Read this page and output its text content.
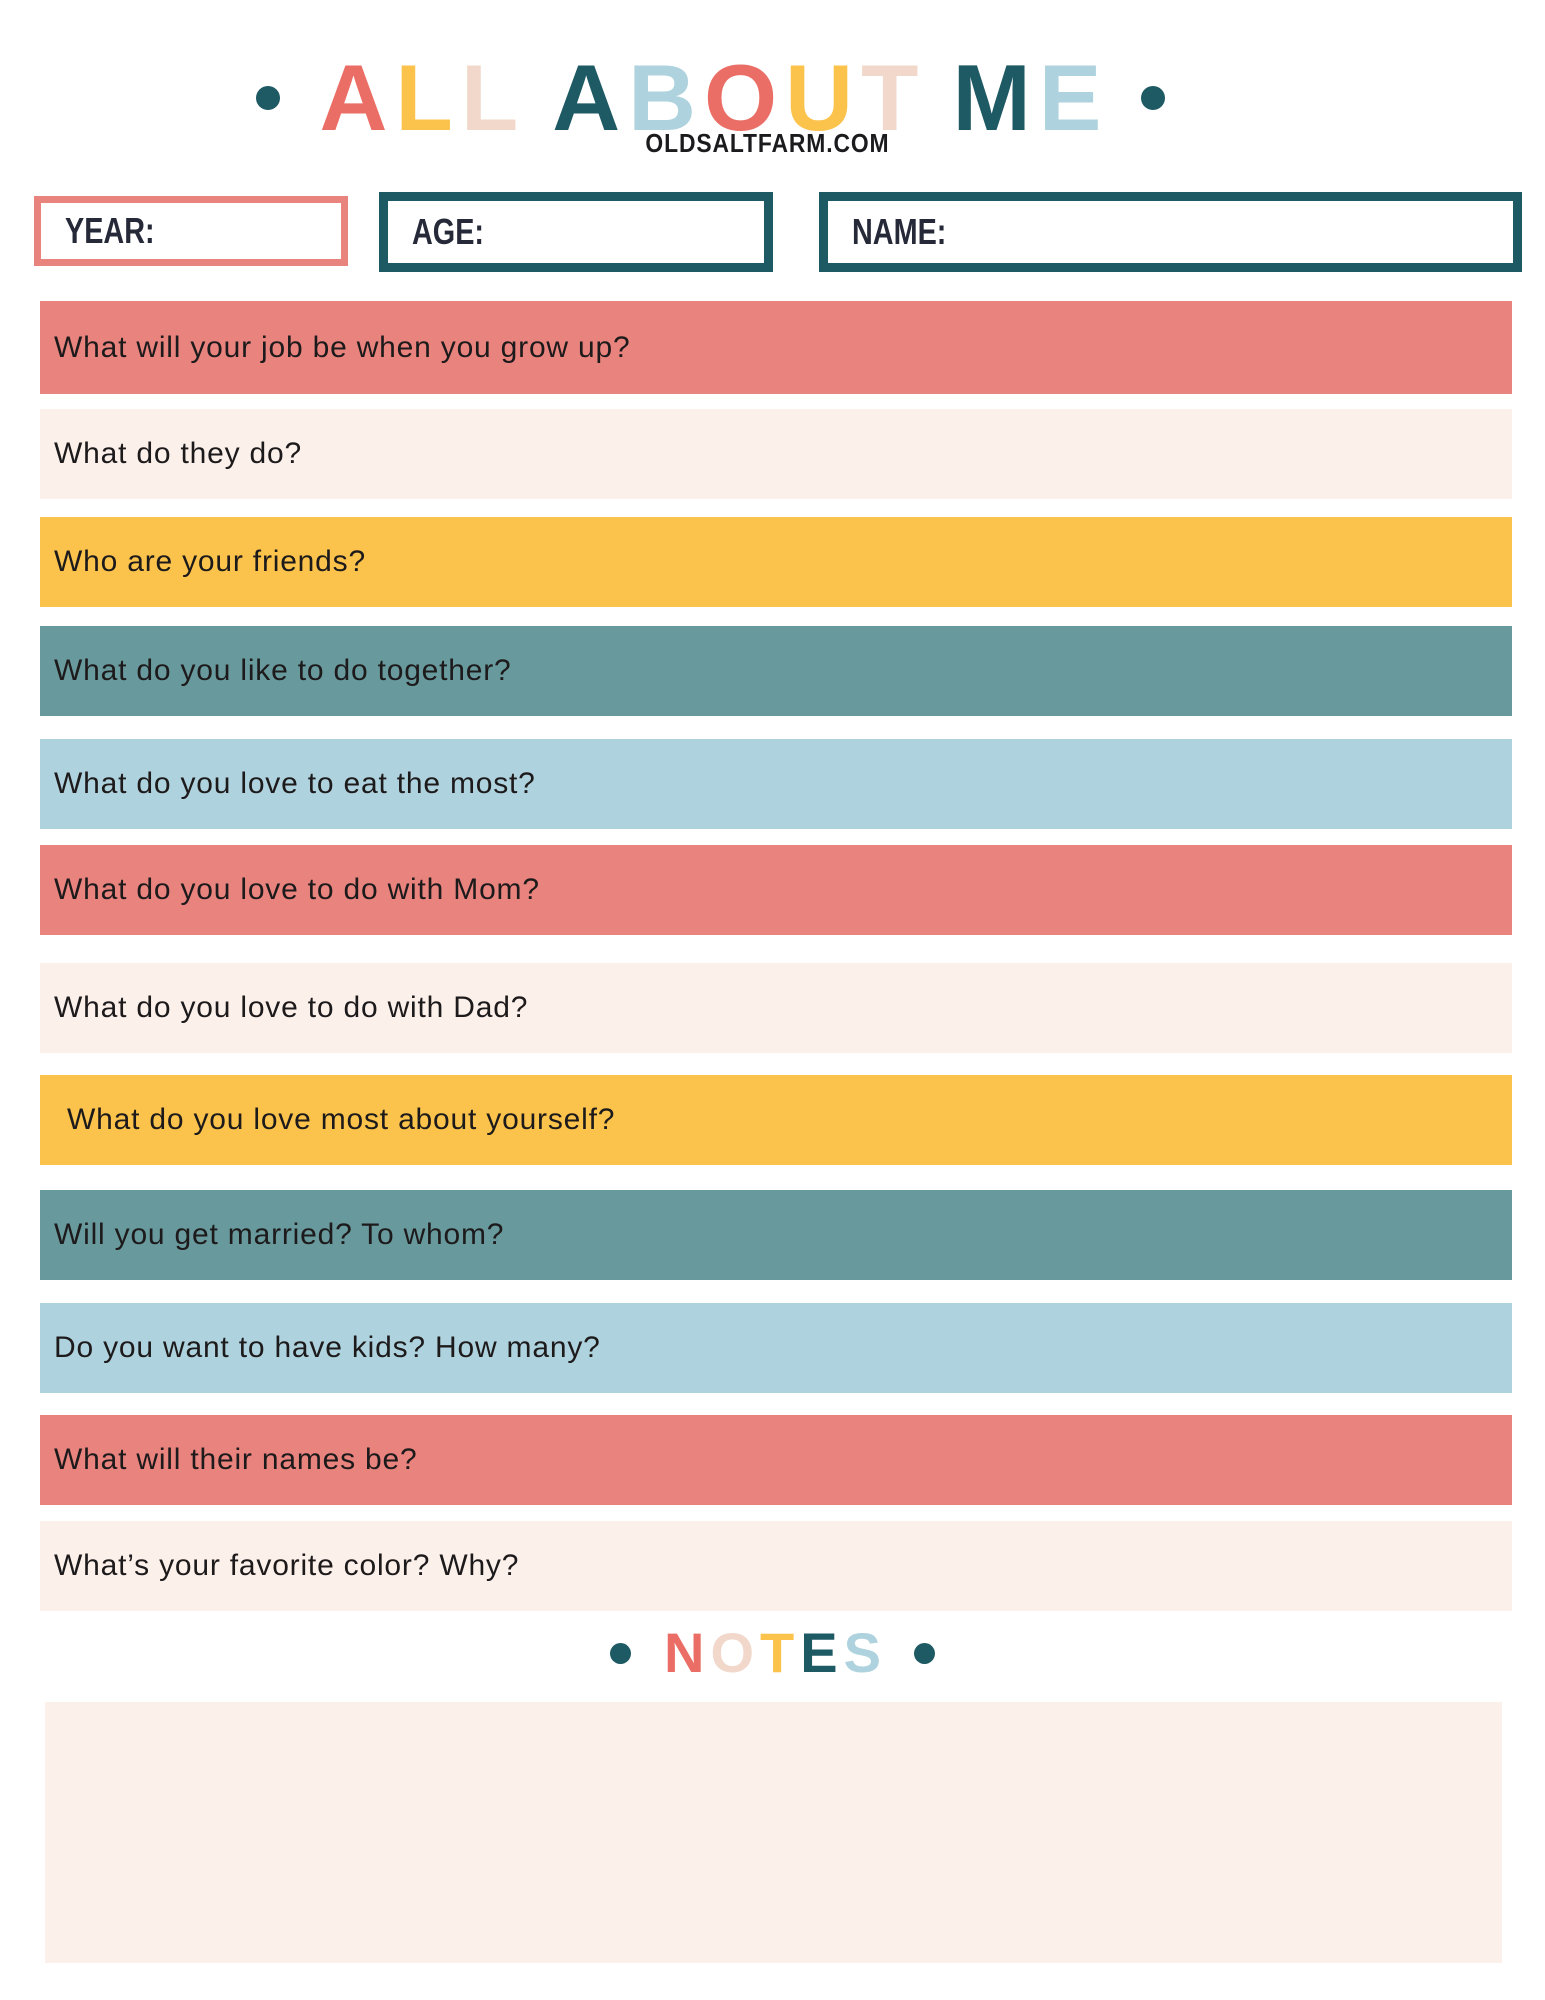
A L L A B O U T M E
OLDSALTFARM.COM
YEAR:	AGE:	NAME:
What will your job be when you grow up?
What do they do?
Who are your friends?
What do you like to do together?
What do you love to eat the most?
What do you love to do with Mom?
What do you love to do with Dad?
What do you love most about yourself?
Will you get married? To whom?
Do you want to have kids? How many?
What will their names be?
What’s your favorite color? Why?
N O T E S
